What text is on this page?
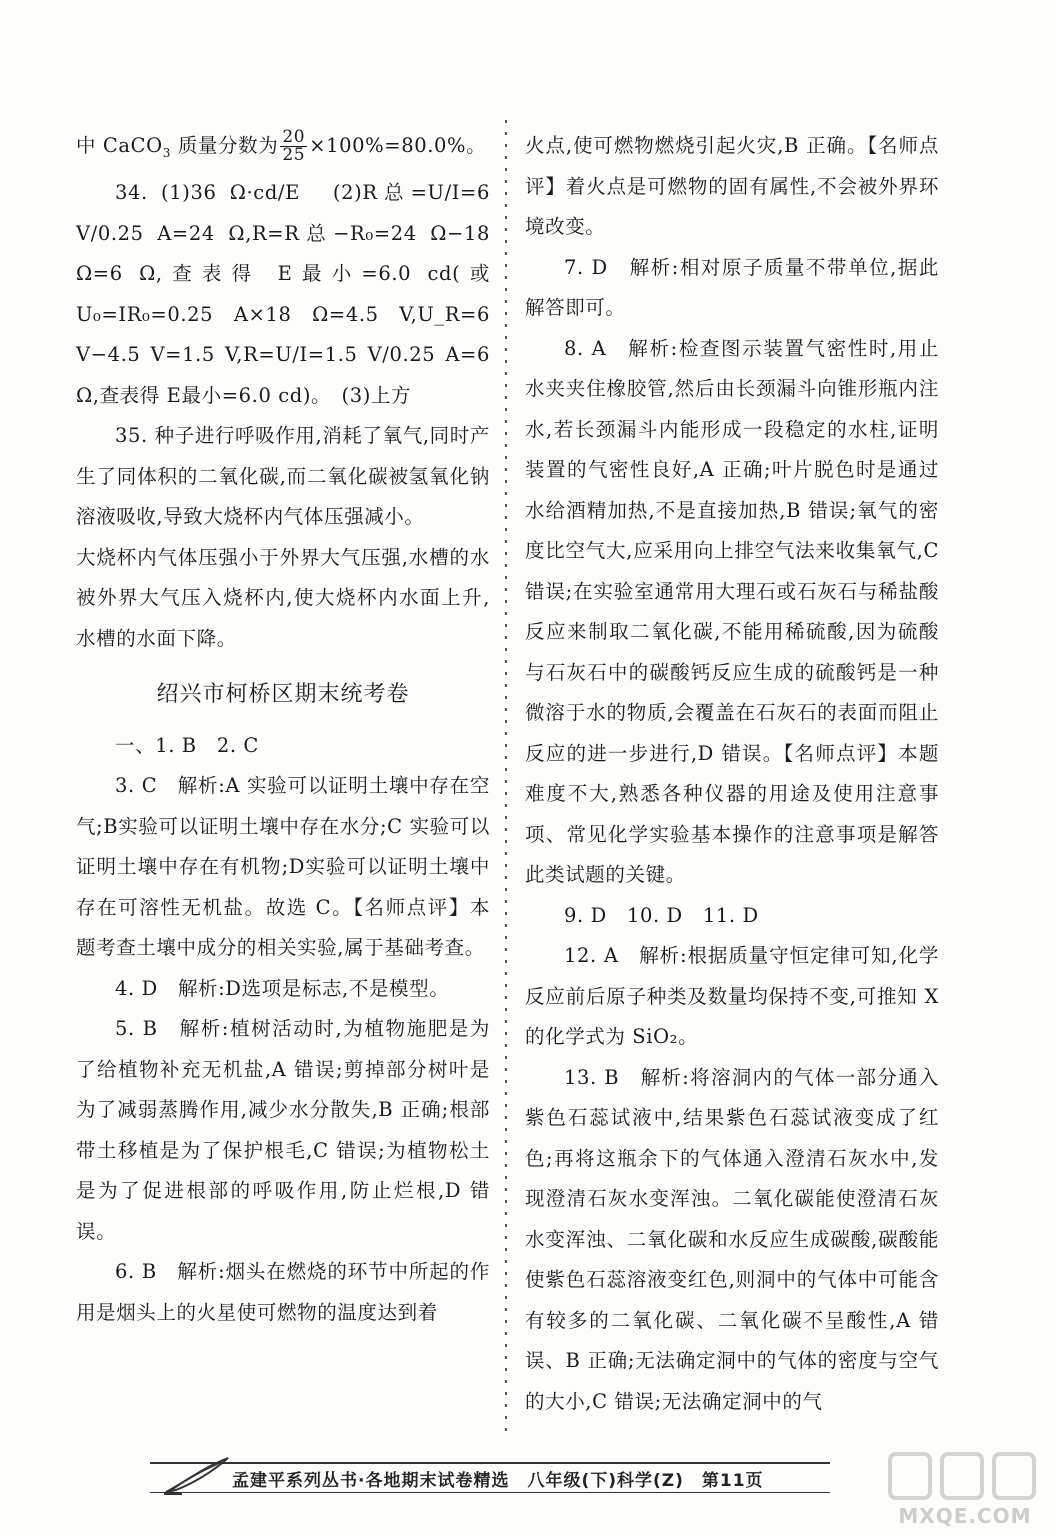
中 CaCO$_3$ 质量分数为 $\frac{20}{25} \times 100\%=80.0\%$。

34. (1)36 Ω·cd/E　(2)R总=U/I=6 V/0.25 A=24 Ω,R=R总−R₀=24 Ω−18 Ω=6 Ω,查表得 E最小=6.0 cd(或U₀=IR₀=0.25 A×18 Ω=4.5 V,U_R=6 V−4.5 V=1.5 V,R=U/I=1.5 V/0.25 A=6 Ω,查表得 E最小=6.0 cd)。　(3)上方

35. 种子进行呼吸作用,消耗了氧气,同时产生了同体积的二氧化碳,而二氧化碳被氢氧化钠溶液吸收,导致大烧杯内气体压强减小。

大烧杯内气体压强小于外界大气压强,水槽的水被外界大气压入烧杯内,使大烧杯内水面上升,水槽的水面下降。

绍兴市柯桥区期末统考卷

一、1. B　2. C

3. C　解析:A 实验可以证明土壤中存在空气;B实验可以证明土壤中存在水分;C 实验可以证明土壤中存在有机物;D实验可以证明土壤中存在可溶性无机盐。故选 C。【名师点评】本题考查土壤中成分的相关实验,属于基础考查。

4. D　解析:D选项是标志,不是模型。

5. B　解析:植树活动时,为植物施肥是为了给植物补充无机盐,A 错误;剪掉部分树叶是为了减弱蒸腾作用,减少水分散失,B 正确;根部带土移植是为了保护根毛,C 错误;为植物松土是为了促进根部的呼吸作用,防止烂根,D 错误。

6. B　解析:烟头在燃烧的环节中所起的作用是烟头上的火星使可燃物的温度达到着

火点,使可燃物燃烧引起火灾,B 正确。【名师点评】着火点是可燃物的固有属性,不会被外界环境改变。

7. D　解析:相对原子质量不带单位,据此解答即可。

8. A　解析:检查图示装置气密性时,用止水夹夹住橡胶管,然后由长颈漏斗向锥形瓶内注水,若长颈漏斗内能形成一段稳定的水柱,证明装置的气密性良好,A 正确;叶片脱色时是通过水给酒精加热,不是直接加热,B 错误;氧气的密度比空气大,应采用向上排空气法来收集氧气,C 错误;在实验室通常用大理石或石灰石与稀盐酸反应来制取二氧化碳,不能用稀硫酸,因为硫酸与石灰石中的碳酸钙反应生成的硫酸钙是一种微溶于水的物质,会覆盖在石灰石的表面而阻止反应的进一步进行,D 错误。【名师点评】本题难度不大,熟悉各种仪器的用途及使用注意事项、常见化学实验基本操作的注意事项是解答此类试题的关键。

9. D　10. D　11. D

12. A　解析:根据质量守恒定律可知,化学反应前后原子种类及数量均保持不变,可推知 X 的化学式为 SiO₂。

13. B　解析:将溶洞内的气体一部分通入紫色石蕊试液中,结果紫色石蕊试液变成了红色;再将这瓶余下的气体通入澄清石灰水中,发现澄清石灰水变浑浊。二氧化碳能使澄清石灰水变浑浊、二氧化碳和水反应生成碳酸,碳酸能使紫色石蕊溶液变红色,则洞中的气体中可能含有较多的二氧化碳、二氧化碳不呈酸性,A 错误、B 正确;无法确定洞中的气体的密度与空气的大小,C 错误;无法确定洞中的气

孟建平系列丛书·各地期末试卷精选　八年级(下)科学(Z)　第11页
MXQE.COM
